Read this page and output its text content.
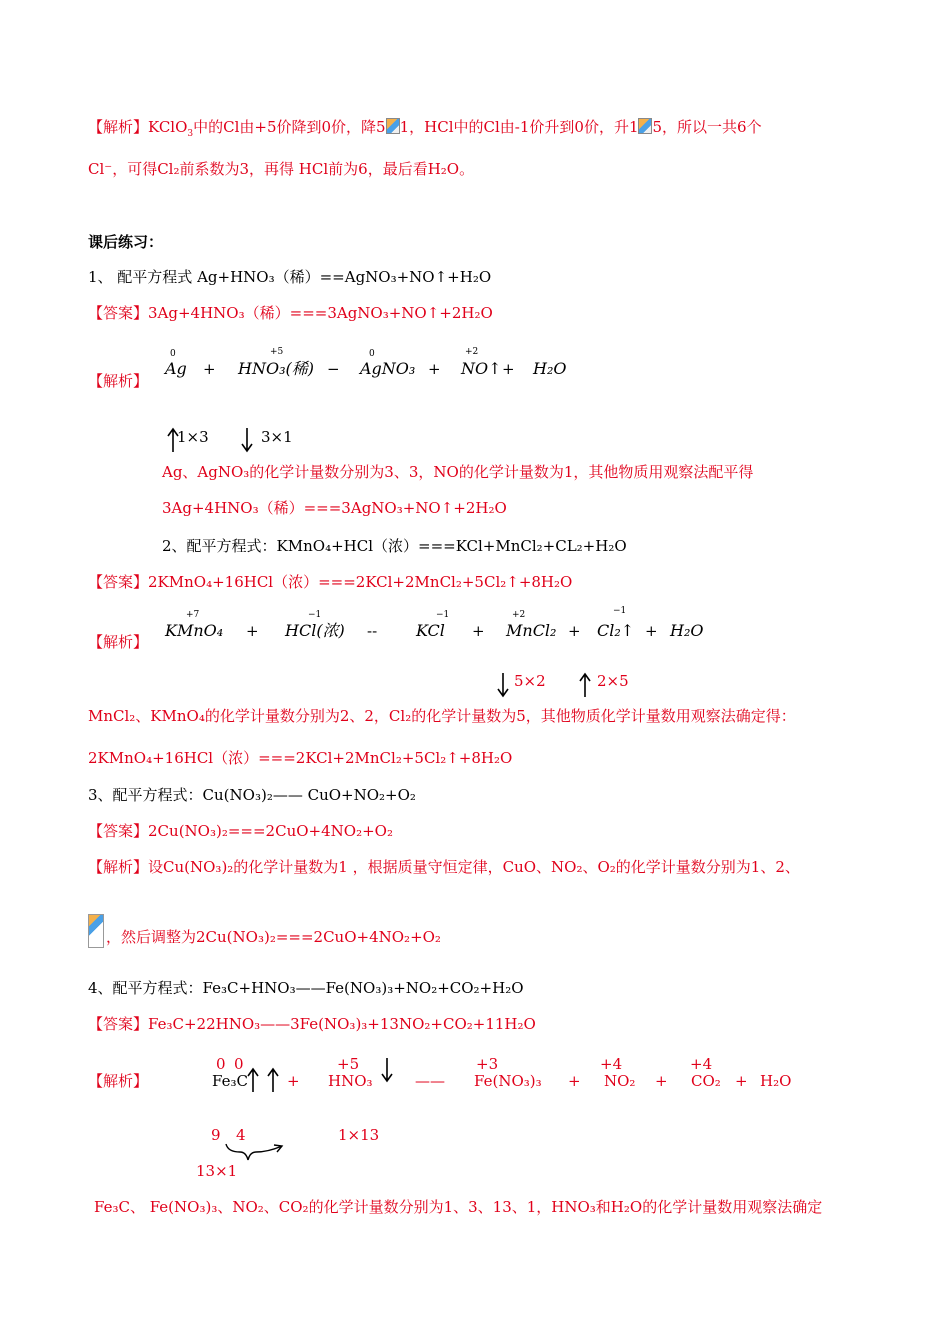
【解析】KClO$_3$中的Cl由+5价降到0价，降5 1，HCl中的Cl由-1价升到0价，升1 5，所以一共6个
Cl⁻，可得Cl₂前系数为3，再得 HCl前为6，最后看H₂O。
课后练习：
1、 配平方程式 Ag+HNO₃（稀）==AgNO₃+NO↑+H₂O
【答案】3Ag+4HNO₃（稀）===3AgNO₃+NO↑+2H₂O
【解析】
0
Ag +
+5
HNO₃(稀) −
0
AgNO₃ +
+2
NO↑ + H₂O
1×3	3×1
Ag、AgNO₃的化学计量数分别为3、3，NO的化学计量数为1，其他物质用观察法配平得
3Ag+4HNO₃（稀）===3AgNO₃+NO↑+2H₂O
2、配平方程式：KMnO₄+HCl（浓）===KCl+MnCl₂+CL₂+H₂O
【答案】2KMnO₄+16HCl（浓）===2KCl+2MnCl₂+5Cl₂↑+8H₂O
【解析】
+7
KMnO₄ +
−1
HCl(浓) --
−1
KCl +
+2
MnCl₂ +
−1
Cl₂↑ + H₂O
5×2	2×5
MnCl₂、KMnO₄的化学计量数分别为2、2，Cl₂的化学计量数为5，其他物质化学计量数用观察法确定得：
2KMnO₄+16HCl（浓）===2KCl+2MnCl₂+5Cl₂↑+8H₂O
3、配平方程式：Cu(NO₃)₂—— CuO+NO₂+O₂
【答案】2Cu(NO₃)₂===2CuO+4NO₂+O₂
【解析】设Cu(NO₃)₂的化学计量数为1 ，根据质量守恒定律，CuO、NO₂、O₂的化学计量数分别为1、2、
，然后调整为2Cu(NO₃)₂===2CuO+4NO₂+O₂
4、配平方程式：Fe₃C+HNO₃——Fe(NO₃)₃+NO₂+CO₂+H₂O
【答案】Fe₃C+22HNO₃——3Fe(NO₃)₃+13NO₂+CO₂+11H₂O
【解析】
0 0
Fe₃C	+
+5
HNO₃	——
+3
Fe(NO₃)₃ +
+4
NO₂ +
+4
CO₂ + H₂O
9 4	1×13
13×1
Fe₃C、 Fe(NO₃)₃、NO₂、CO₂的化学计量数分别为1、3、13、1，HNO₃和H₂O的化学计量数用观察法确定
